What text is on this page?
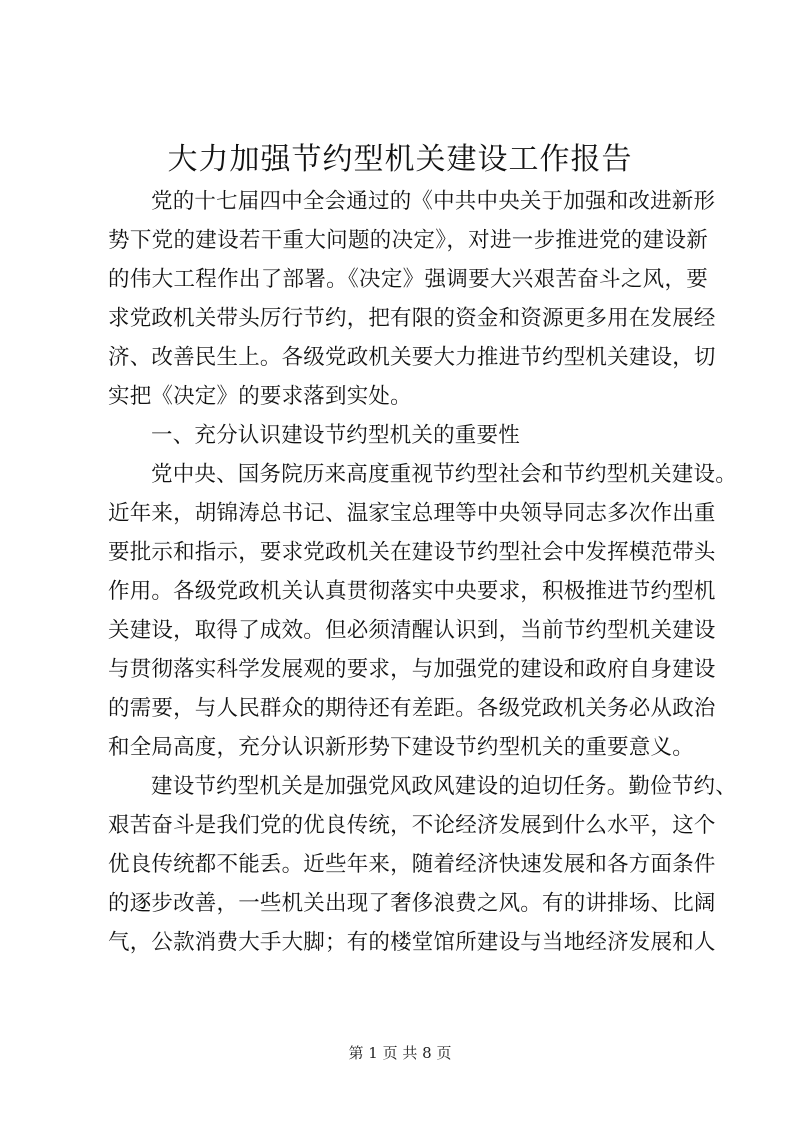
大力加强节约型机关建设工作报告
党的十七届四中全会通过的《中共中央关于加强和改进新形
势下党的建设若干重大问题的决定》，对进一步推进党的建设新
的伟大工程作出了部署。《决定》强调要大兴艰苦奋斗之风，要
求党政机关带头厉行节约，把有限的资金和资源更多用在发展经
济、改善民生上。各级党政机关要大力推进节约型机关建设，切
实把《决定》的要求落到实处。
一、充分认识建设节约型机关的重要性
党中央、国务院历来高度重视节约型社会和节约型机关建设。
近年来，胡锦涛总书记、温家宝总理等中央领导同志多次作出重
要批示和指示，要求党政机关在建设节约型社会中发挥模范带头
作用。各级党政机关认真贯彻落实中央要求，积极推进节约型机
关建设，取得了成效。但必须清醒认识到，当前节约型机关建设
与贯彻落实科学发展观的要求，与加强党的建设和政府自身建设
的需要，与人民群众的期待还有差距。各级党政机关务必从政治
和全局高度，充分认识新形势下建设节约型机关的重要意义。
建设节约型机关是加强党风政风建设的迫切任务。勤俭节约、
艰苦奋斗是我们党的优良传统，不论经济发展到什么水平，这个
优良传统都不能丢。近些年来，随着经济快速发展和各方面条件
的逐步改善，一些机关出现了奢侈浪费之风。有的讲排场、比阔
气，公款消费大手大脚；有的楼堂馆所建设与当地经济发展和人
第 1 页 共 8 页
